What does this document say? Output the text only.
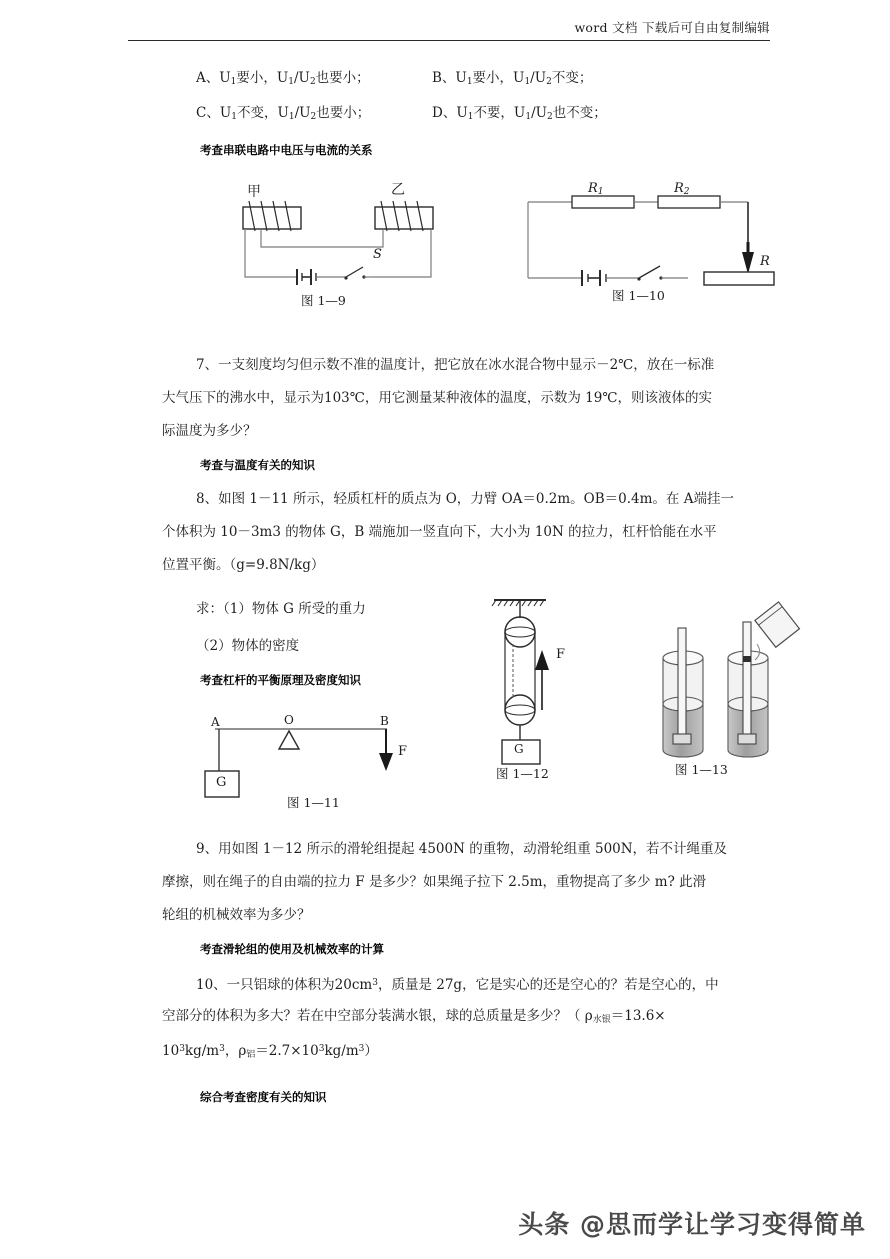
word 文档 下载后可自由复制编辑
A、$U_1$要小，$U_1/U_2$也要小；	B、$U_1$要小，$U_1/U_2$不变；
C、$U_1$不变，$U_1/U_2$也要小；	D、$U_1$不要，$U_1/U_2$也不变；
考查串联电路中电压与电流的关系
甲	乙
S
图 1—9
$R_1$	$R_2$
R
图 1—10
7、一支刻度均匀但示数不准的温度计，把它放在冰水混合物中显示－2℃，放在一标准
大气压下的沸水中，显示为103℃，用它测量某种液体的温度，示数为 19℃，则该液体的实
际温度为多少？
考查与温度有关的知识
8、如图 1－11 所示，轻质杠杆的质点为 O，力臂 OA＝0.2m。OB＝0.4m。在 A端挂一
个体积为 10－3m3 的物体 G，B 端施加一竖直向下，大小为 10N 的拉力，杠杆恰能在水平
位置平衡。（g=9.8N/kg）
求：（1）物体 G 所受的重力
（2）物体的密度
考查杠杆的平衡原理及密度知识
A	O	B
G
F
图 1—11
F
G
图 1—12	图 1—13
9、用如图 1－12 所示的滑轮组提起 4500N 的重物，动滑轮组重 500N，若不计绳重及
摩擦，则在绳子的自由端的拉力 F 是多少？如果绳子拉下 2.5m，重物提高了多少 m? 此滑
轮组的机械效率为多少？
考查滑轮组的使用及机械效率的计算
10、一只铝球的体积为$20cm^3$，质量是 27g，它是实心的还是空心的？若是空心的，中
空部分的体积为多大？若在中空部分装满水银，球的总质量是多少？（ $\rho_{水银}=13.6\times$
$10^3kg/m^3$，$\rho_铝=2.7\times 10^3kg/m^3$）
综合考查密度有关的知识
头条 @思而学让学习变得简单
